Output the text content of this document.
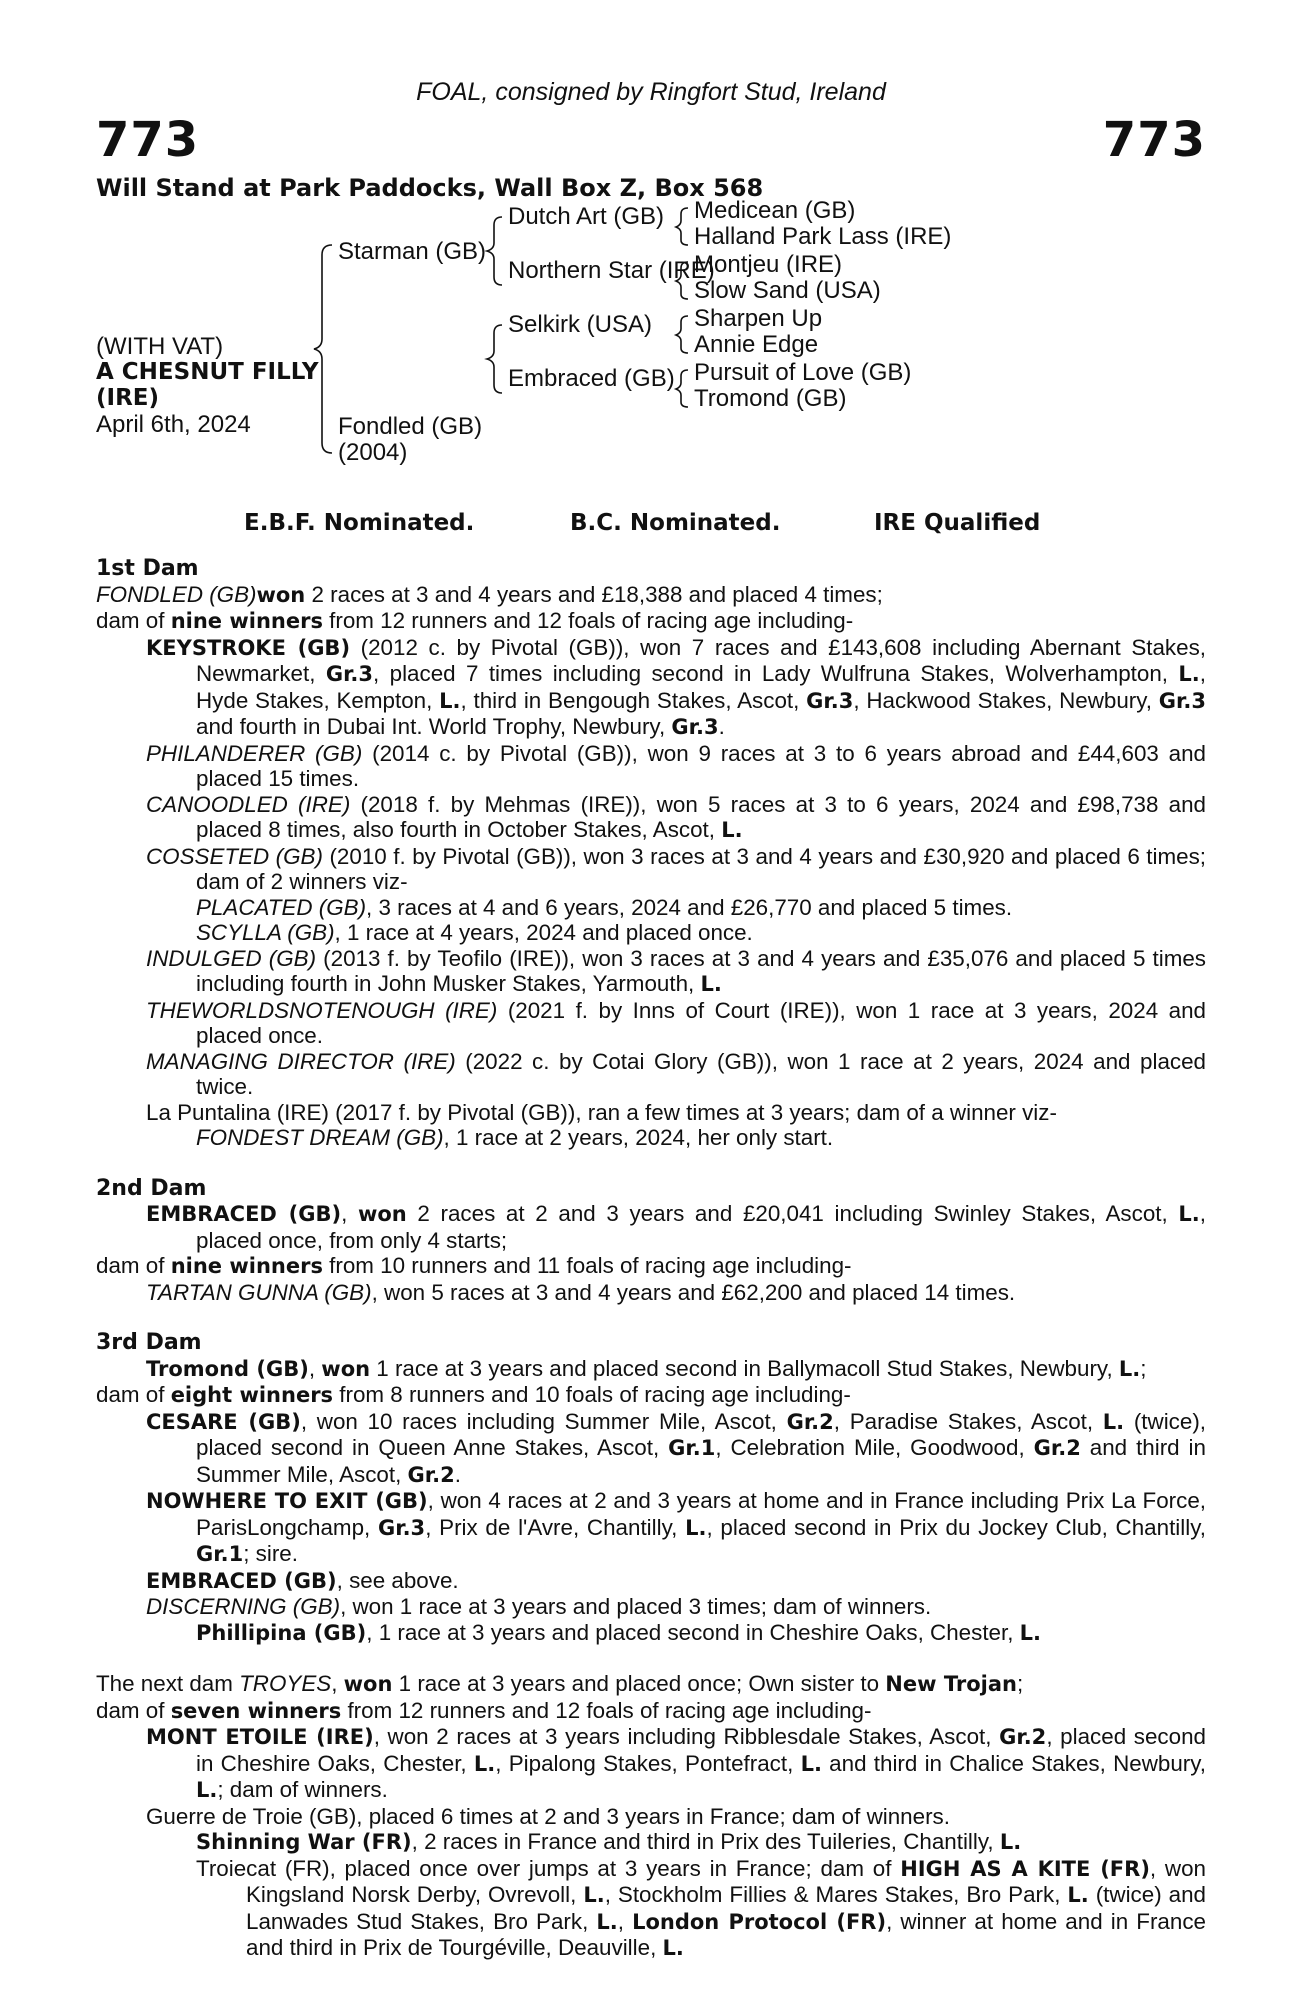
FOAL, consigned by Ringfort Stud, Ireland
773	773
Will Stand at Park Paddocks, Wall Box Z, Box 568
(WITH VAT)
A CHESNUT FILLY
(IRE)
April 6th, 2024
Starman (GB)
Fondled (GB)
(2004)
Dutch Art (GB)
Northern Star (IRE)
Selkirk (USA)
Embraced (GB)
Medicean (GB)
Halland Park Lass (IRE)
Montjeu (IRE)
Slow Sand (USA)
Sharpen Up
Annie Edge
Pursuit of Love (GB)
Tromond (GB)
E.B.F. Nominated.	B.C. Nominated.	IRE Qualified

1st Dam

FONDLED (GB)won 2 races at 3 and 4 years and £18,388 and placed 4 times;

dam of nine winners from 12 runners and 12 foals of racing age including-

KEYSTROKE (GB) (2012 c. by Pivotal (GB)), won 7 races and £143,608 including Abernant Stakes, Newmarket, Gr.3, placed 7 times including second in Lady Wulfruna Stakes, Wolverhampton, L., Hyde Stakes, Kempton, L., third in Bengough Stakes, Ascot, Gr.3, Hackwood Stakes, Newbury, Gr.3 and fourth in Dubai Int. World Trophy, Newbury, Gr.3.

PHILANDERER (GB) (2014 c. by Pivotal (GB)), won 9 races at 3 to 6 years abroad and £44,603 and placed 15 times.

CANOODLED (IRE) (2018 f. by Mehmas (IRE)), won 5 races at 3 to 6 years, 2024 and £98,738 and placed 8 times, also fourth in October Stakes, Ascot, L.

COSSETED (GB) (2010 f. by Pivotal (GB)), won 3 races at 3 and 4 years and £30,920 and placed 6 times; dam of 2 winners viz-

PLACATED (GB), 3 races at 4 and 6 years, 2024 and £26,770 and placed 5 times.

SCYLLA (GB), 1 race at 4 years, 2024 and placed once.

INDULGED (GB) (2013 f. by Teofilo (IRE)), won 3 races at 3 and 4 years and £35,076 and placed 5 times including fourth in John Musker Stakes, Yarmouth, L.

THEWORLDSNOTENOUGH (IRE) (2021 f. by Inns of Court (IRE)), won 1 race at 3 years, 2024 and placed once.

MANAGING DIRECTOR (IRE) (2022 c. by Cotai Glory (GB)), won 1 race at 2 years, 2024 and placed twice.

La Puntalina (IRE) (2017 f. by Pivotal (GB)), ran a few times at 3 years; dam of a winner viz-

FONDEST DREAM (GB), 1 race at 2 years, 2024, her only start.

2nd Dam

EMBRACED (GB), won 2 races at 2 and 3 years and £20,041 including Swinley Stakes, Ascot, L., placed once, from only 4 starts;

dam of nine winners from 10 runners and 11 foals of racing age including-

TARTAN GUNNA (GB), won 5 races at 3 and 4 years and £62,200 and placed 14 times.

3rd Dam

Tromond (GB), won 1 race at 3 years and placed second in Ballymacoll Stud Stakes, Newbury, L.;

dam of eight winners from 8 runners and 10 foals of racing age including-

CESARE (GB), won 10 races including Summer Mile, Ascot, Gr.2, Paradise Stakes, Ascot, L. (twice), placed second in Queen Anne Stakes, Ascot, Gr.1, Celebration Mile, Goodwood, Gr.2 and third in Summer Mile, Ascot, Gr.2.

NOWHERE TO EXIT (GB), won 4 races at 2 and 3 years at home and in France including Prix La Force, ParisLongchamp, Gr.3, Prix de l'Avre, Chantilly, L., placed second in Prix du Jockey Club, Chantilly, Gr.1; sire.

EMBRACED (GB), see above.

DISCERNING (GB), won 1 race at 3 years and placed 3 times; dam of winners.

Phillipina (GB), 1 race at 3 years and placed second in Cheshire Oaks, Chester, L.

The next dam TROYES, won 1 race at 3 years and placed once; Own sister to New Trojan;

dam of seven winners from 12 runners and 12 foals of racing age including-

MONT ETOILE (IRE), won 2 races at 3 years including Ribblesdale Stakes, Ascot, Gr.2, placed second in Cheshire Oaks, Chester, L., Pipalong Stakes, Pontefract, L. and third in Chalice Stakes, Newbury, L.; dam of winners.

Guerre de Troie (GB), placed 6 times at 2 and 3 years in France; dam of winners.

Shinning War (FR), 2 races in France and third in Prix des Tuileries, Chantilly, L.

Troiecat (FR), placed once over jumps at 3 years in France; dam of HIGH AS A KITE (FR), won Kingsland Norsk Derby, Ovrevoll, L., Stockholm Fillies & Mares Stakes, Bro Park, L. (twice) and Lanwades Stud Stakes, Bro Park, L., London Protocol (FR), winner at home and in France and third in Prix de Tourgéville, Deauville, L.
